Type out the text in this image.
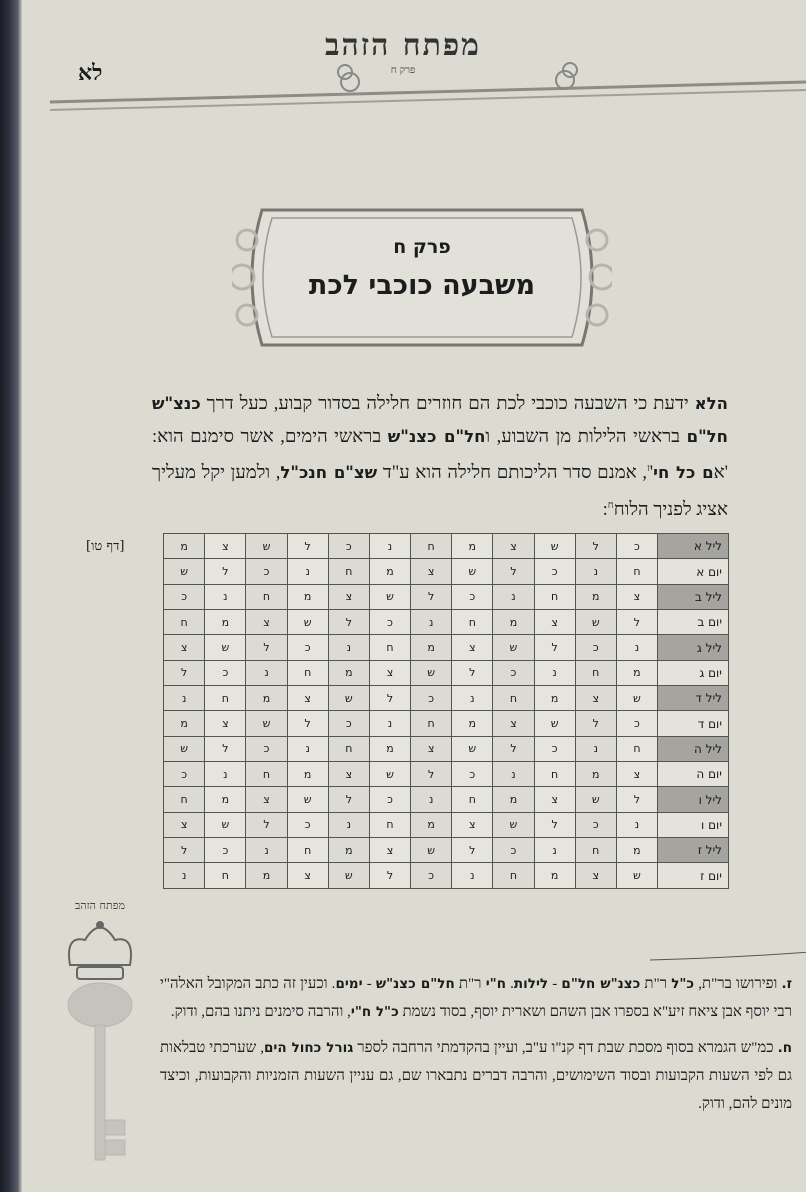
לא
מפתח הזהב
פרק ח
פרק ח
משבעה כוכבי לכת
הלא ידעת כי השבעה כוכבי לכת הם חוזרים חלילה בסדור קבוע, כעל דרך כנצ"ש חל"ם בראשי הלילות מן השבוע, וחל"ם כצנ"ש בראשי הימים, אשר סימנם הוא: 'אם כל $חי'^ז$, אמנם סדר הליכותם חלילה הוא ע"ד שצ"ם חנכ"ל, ולמען יקל מעליך אציג לפניך הלוח$^ח$:
[דף טו]	ליל א	כ	ל	ש	צ	מ	ח	נ	כ	ל	ש	צ	מ
יום א	ח	נ	כ	ל	ש	צ	מ	ח	נ	כ	ל	ש
ליל ב	צ	מ	ח	נ	כ	ל	ש	צ	מ	ח	נ	כ
יום ב	ל	ש	צ	מ	ח	נ	כ	ל	ש	צ	מ	ח
ליל ג	נ	כ	ל	ש	צ	מ	ח	נ	כ	ל	ש	צ
יום ג	מ	ח	נ	כ	ל	ש	צ	מ	ח	נ	כ	ל
ליל ד	ש	צ	מ	ח	נ	כ	ל	ש	צ	מ	ח	נ
יום ד	כ	ל	ש	צ	מ	ח	נ	כ	ל	ש	צ	מ
ליל ה	ח	נ	כ	ל	ש	צ	מ	ח	נ	כ	ל	ש
יום ה	צ	מ	ח	נ	כ	ל	ש	צ	מ	ח	נ	כ
ליל ו	ל	ש	צ	מ	ח	נ	כ	ל	ש	צ	מ	ח
יום ו	נ	כ	ל	ש	צ	מ	ח	נ	כ	ל	ש	צ
ליל ז	מ	ח	נ	כ	ל	ש	צ	מ	ח	נ	כ	ל
יום ז	ש	צ	מ	ח	נ	כ	ל	ש	צ	מ	ח	נ
מפתח הזהב

ז. ופירושו בר"ת, כ"ל ר"ת כצנ"ש חל"ם - לילות. ח"י ר"ת חל"ם כצנ"ש - ימים. וכעין זה כתב המקובל האלה"י רבי יוסף אבן ציאח זיע"א בספרו אבן השהם ושארית יוסף, בסוד נשמת כ"ל ח"י, והרבה סימנים ניתנו בהם, ודוק.

ח. כמ"ש הגמרא בסוף מסכת שבת דף קנ"ו ע"ב, ועיין בהקדמתי הרחבה לספר גורל כחול הים, שערכתי טבלאות גם לפי השעות הקבועות ובסוד השימושים, והרבה דברים נתבארו שם, גם עניין השעות הזמניות והקבועות, וכיצד מונים להם, ודוק.
